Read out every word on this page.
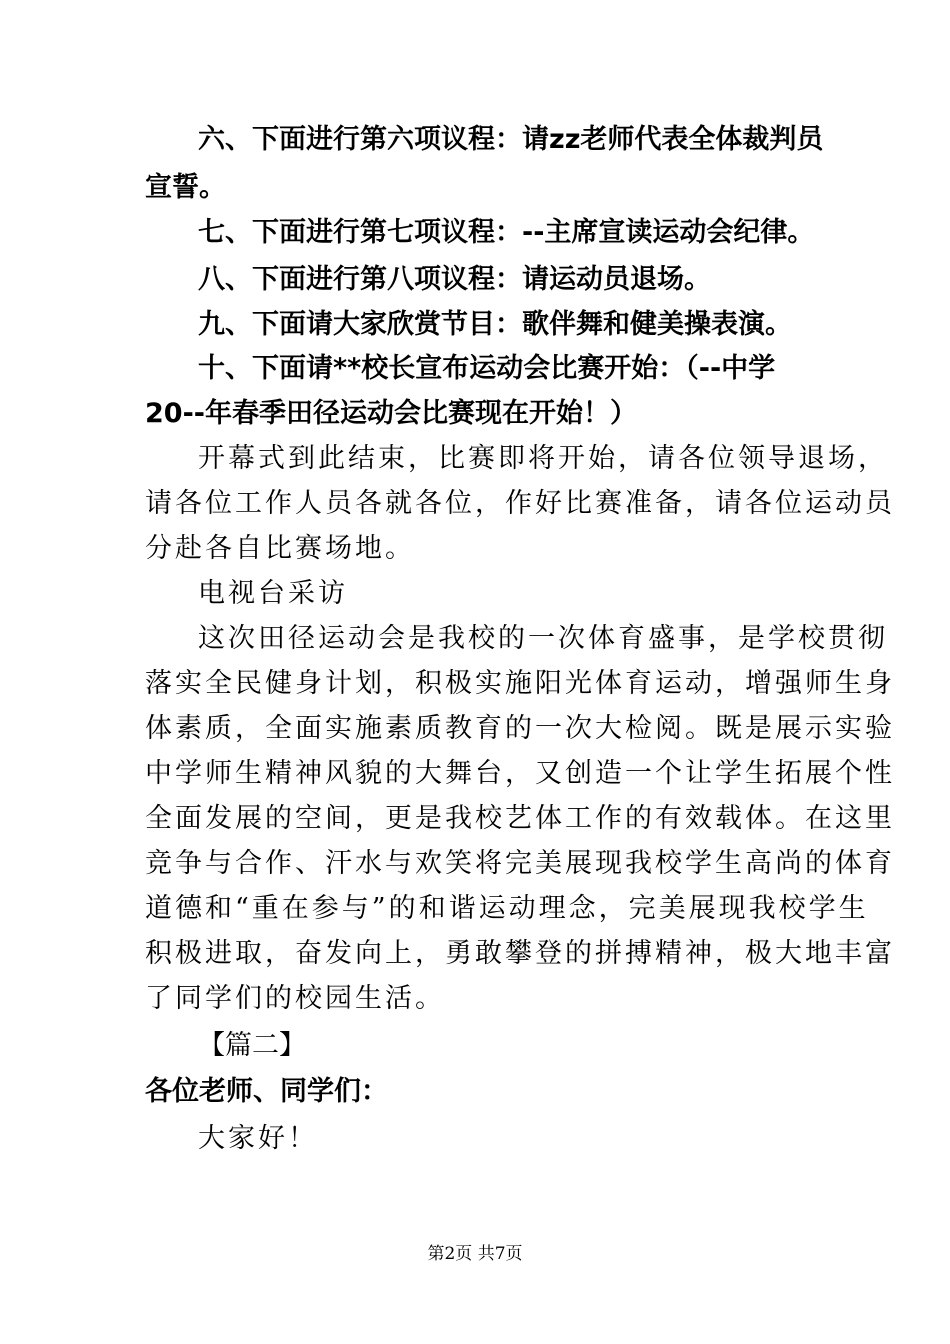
六、下面进行第六项议程：请zz老师代表全体裁判员
宣誓。
七、下面进行第七项议程：--主席宣读运动会纪律。
八、下面进行第八项议程：请运动员退场。
九、下面请大家欣赏节目：歌伴舞和健美操表演。
十、下面请**校长宣布运动会比赛开始：（--中学
20--年春季田径运动会比赛现在开始！）
开幕式到此结束，比赛即将开始，请各位领导退场，
请各位工作人员各就各位，作好比赛准备，请各位运动员
分赴各自比赛场地。
电视台采访
这次田径运动会是我校的一次体育盛事，是学校贯彻
落实全民健身计划，积极实施阳光体育运动，增强师生身
体素质，全面实施素质教育的一次大检阅。既是展示实验
中学师生精神风貌的大舞台，又创造一个让学生拓展个性
全面发展的空间，更是我校艺体工作的有效载体。在这里
竞争与合作、汗水与欢笑将完美展现我校学生高尚的体育
道德和“重在参与”的和谐运动理念，完美展现我校学生
积极进取，奋发向上，勇敢攀登的拼搏精神，极大地丰富
了同学们的校园生活。
【篇二】
各位老师、同学们：
大家好！
第2页 共7页
